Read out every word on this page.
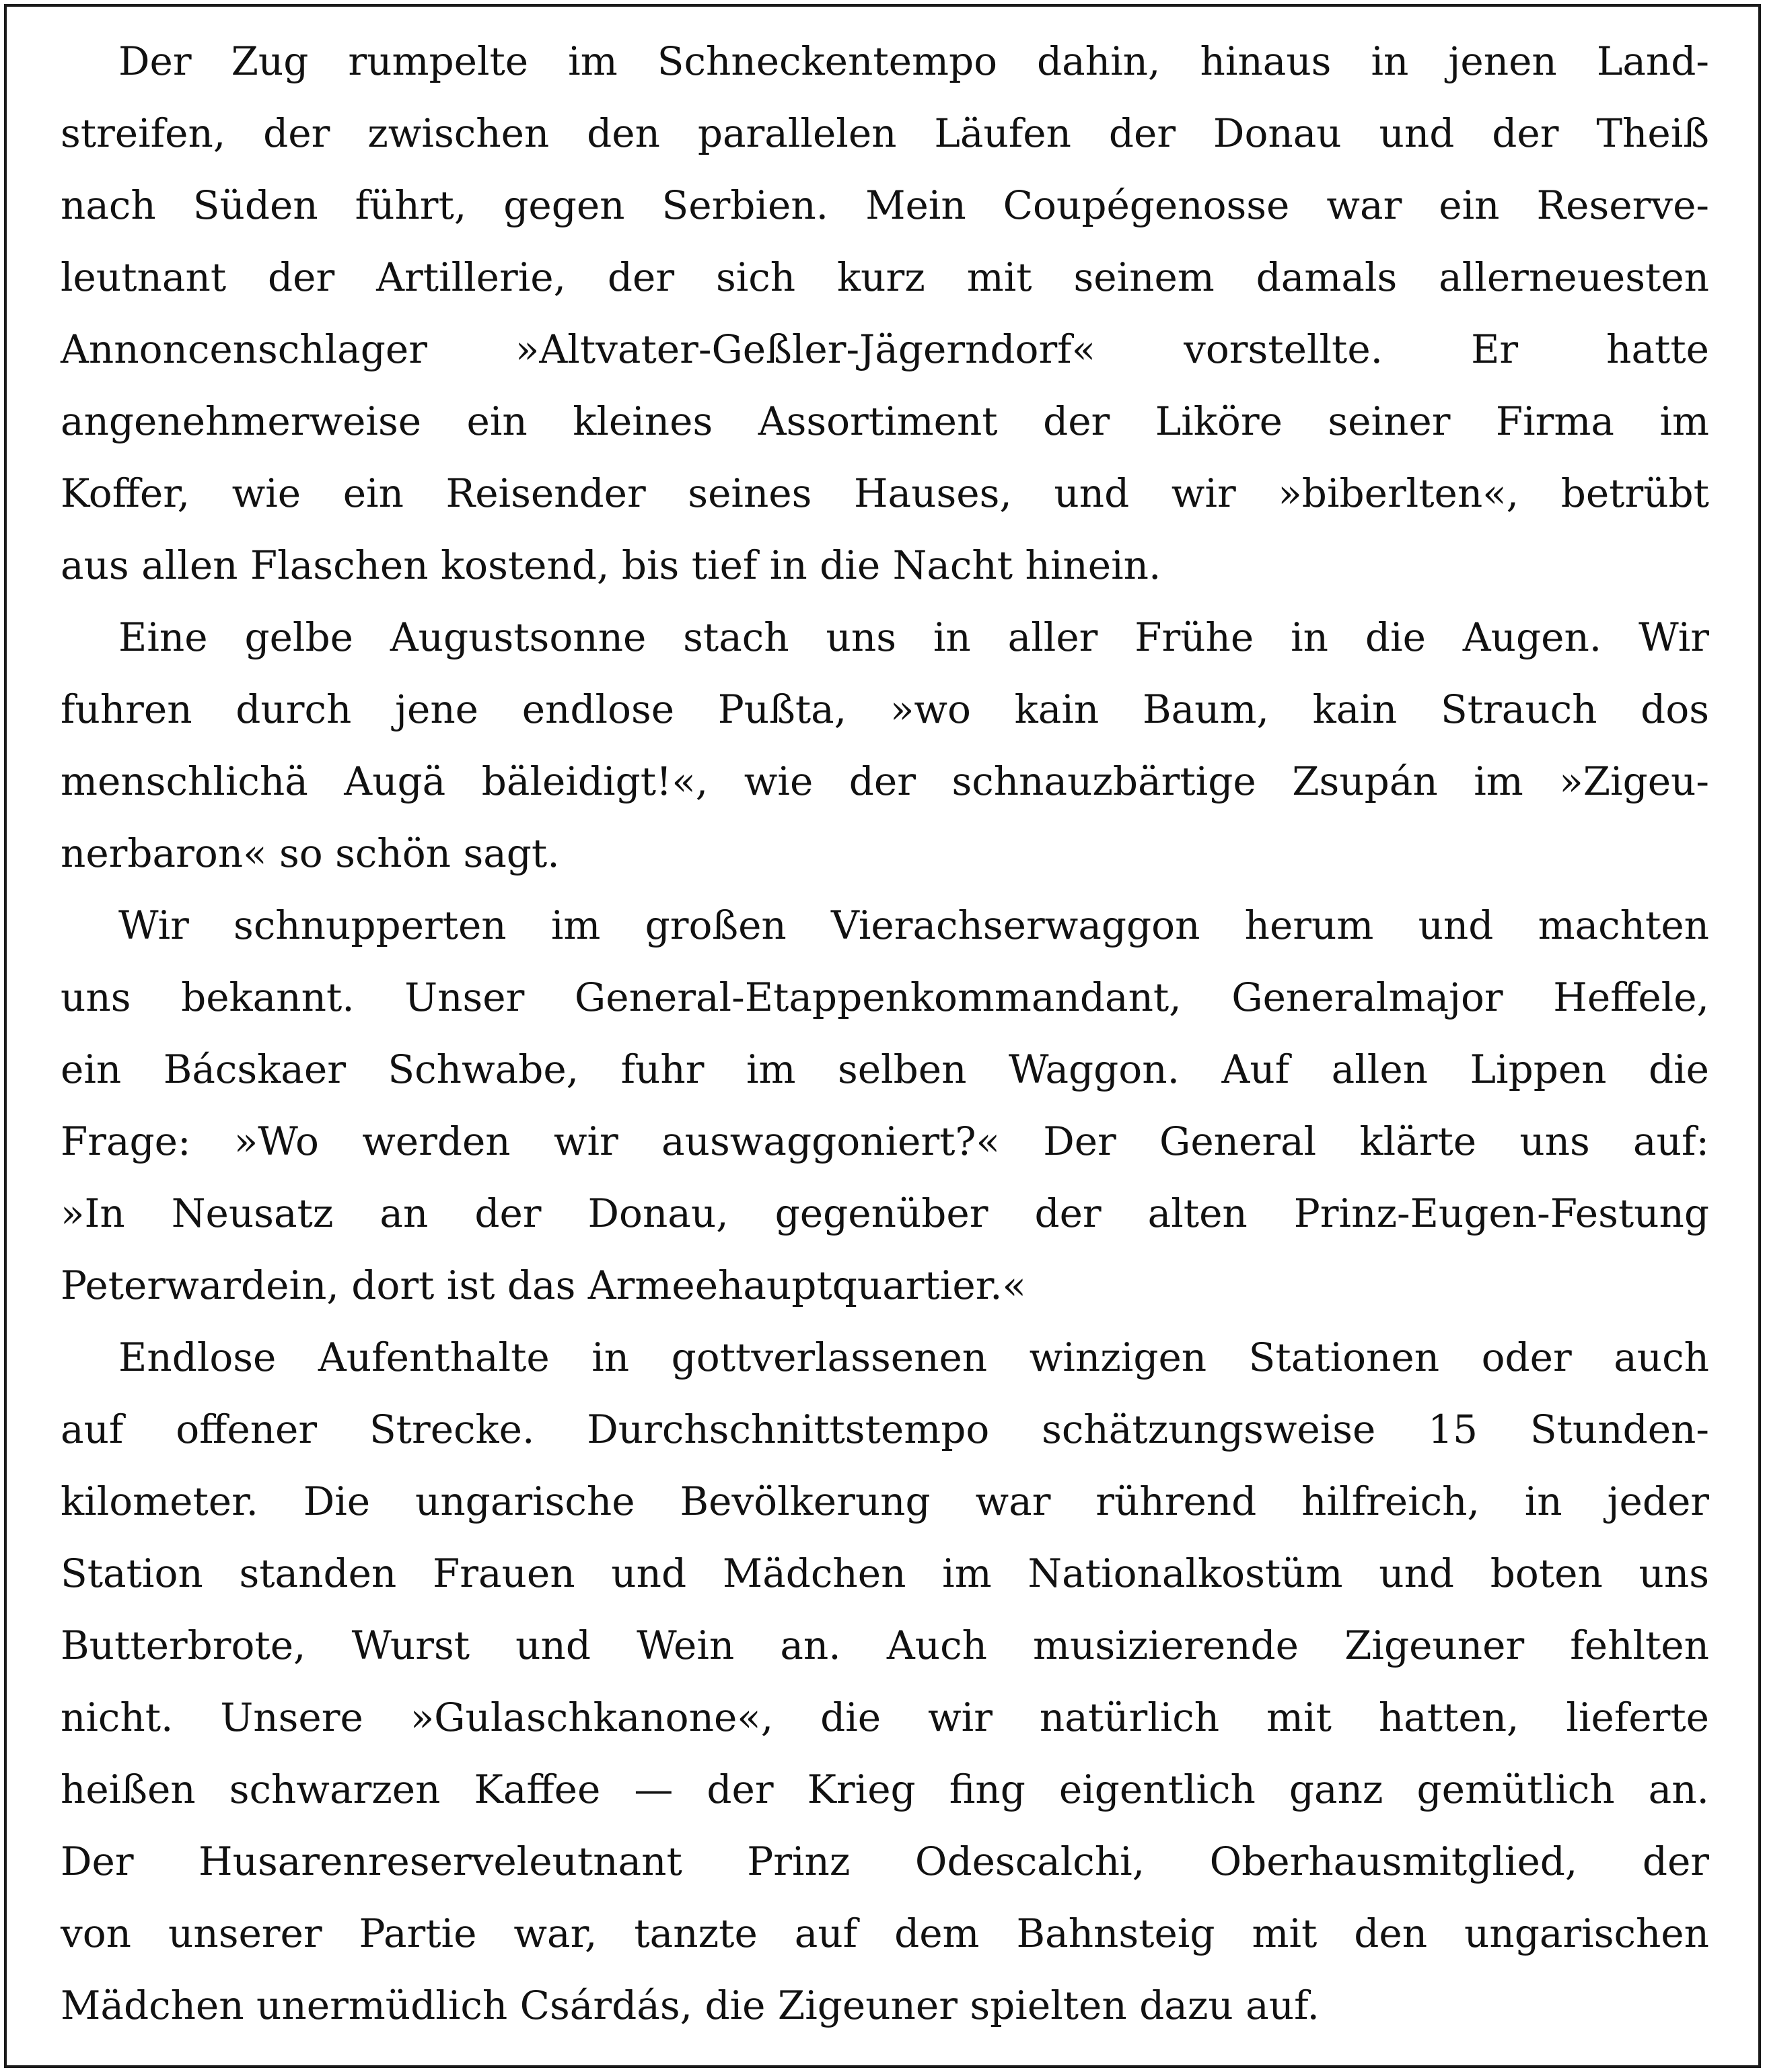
Der Zug rumpelte im Schneckentempo dahin, hinaus in jenen Land-
streifen, der zwischen den parallelen Läufen der Donau und der Theiß
nach Süden führt, gegen Serbien. Mein Coupégenosse war ein Reserve-
leutnant der Artillerie, der sich kurz mit seinem damals allerneuesten
Annoncenschlager »Altvater-Geßler-Jägerndorf« vorstellte. Er hatte
angenehmerweise ein kleines Assortiment der Liköre seiner Firma im
Koffer, wie ein Reisender seines Hauses, und wir »biberlten«, betrübt
aus allen Flaschen kostend, bis tief in die Nacht hinein.
Eine gelbe Augustsonne stach uns in aller Frühe in die Augen. Wir
fuhren durch jene endlose Pußta, »wo kain Baum, kain Strauch dos
menschlichä Augä bäleidigt!«, wie der schnauzbärtige Zsupán im »Zigeu-
nerbaron« so schön sagt.
Wir schnupperten im großen Vierachserwaggon herum und machten
uns bekannt. Unser General-Etappenkommandant, Generalmajor Heffele,
ein Bácskaer Schwabe, fuhr im selben Waggon. Auf allen Lippen die
Frage: »Wo werden wir auswaggoniert?« Der General klärte uns auf:
»In Neusatz an der Donau, gegenüber der alten Prinz-Eugen-Festung
Peterwardein, dort ist das Armeehauptquartier.«
Endlose Aufenthalte in gottverlassenen winzigen Stationen oder auch
auf offener Strecke. Durchschnittstempo schätzungsweise 15 Stunden-
kilometer. Die ungarische Bevölkerung war rührend hilfreich, in jeder
Station standen Frauen und Mädchen im Nationalkostüm und boten uns
Butterbrote, Wurst und Wein an. Auch musizierende Zigeuner fehlten
nicht. Unsere »Gulaschkanone«, die wir natürlich mit hatten, lieferte
heißen schwarzen Kaffee — der Krieg fing eigentlich ganz gemütlich an.
Der Husarenreserveleutnant Prinz Odescalchi, Oberhausmitglied, der
von unserer Partie war, tanzte auf dem Bahnsteig mit den ungarischen
Mädchen unermüdlich Csárdás, die Zigeuner spielten dazu auf.
